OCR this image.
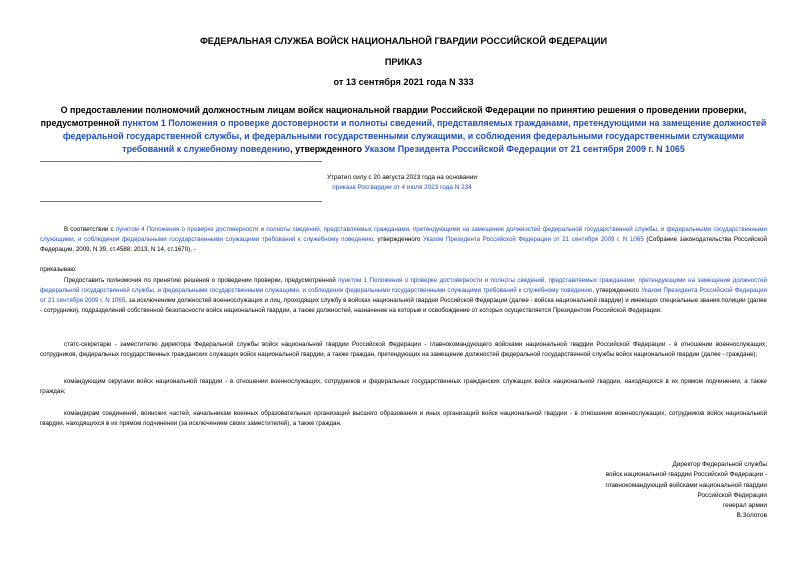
ФЕДЕРАЛЬНАЯ СЛУЖБА ВОЙСК НАЦИОНАЛЬНОЙ ГВАРДИИ РОССИЙСКОЙ ФЕДЕРАЦИИ
ПРИКАЗ
от 13 сентября 2021 года N 333
О предоставлении полномочий должностным лицам войск национальной гвардии Российской Федерации по принятию решения о проведении проверки, предусмотренной пунктом 1 Положения о проверке достоверности и полноты сведений, представляемых гражданами, претендующими на замещение должностей федеральной государственной службы, и федеральными государственными служащими, и соблюдения федеральными государственными служащими требований к служебному поведению, утвержденного Указом Президента Российской Федерации от 21 сентября 2009 г. N 1065
Утратил силу с 20 августа 2023 года на основании
приказа Росгвардии от 4 июля 2023 года N 234
В соответствии с пунктом 4 Положения о проверке достоверности и полноты сведений, представляемых гражданами, претендующими на замещение должностей федеральной государственной службы, и федеральными государственными служащими, и соблюдения федеральными государственными служащими требований к служебному поведению, утвержденного Указом Президента Российской Федерации от 21 сентября 2009 г. N 1065 (Собрание законодательства Российской Федерации, 2009, N 39, ст.4588; 2013, N 14, ст.1670), -
приказываю:
Предоставить полномочия по принятию решения о проведении проверки, предусмотренной пунктом 1 Положения о проверке достоверности и полноты сведений, представляемых гражданами, претендующими на замещение должностей федеральной государственной службы, и федеральными государственными служащими, и соблюдения федеральными государственными служащими требований к служебному поведению, утвержденного Указом Президента Российской Федерации от 21 сентября 2009 г. N 1065, за исключением должностей военнослужащих и лиц, проходящих службу в войсках национальной гвардии Российской Федерации (далее - войска национальной гвардии) и имеющих специальные звания полиции (далее - сотрудники), подразделений собственной безопасности войск национальной гвардии, а также должностей, назначение на которые и освобождение от которых осуществляется Президентом Российской Федерации:
статс-секретарю - заместителю директора Федеральной службы войск национальной гвардии Российской Федерации - главнокомандующего войсками национальной гвардии Российской Федерации - в отношении военнослужащих, сотрудников, федеральных государственных гражданских служащих войск национальной гвардии, а также граждан, претендующих на замещение должностей федеральной государственной службы войск национальной гвардии (далее - граждане);
командующим округами войск национальной гвардии - в отношении военнослужащих, сотрудников и федеральных государственных гражданских служащих войск национальной гвардии, находящихся в их прямом подчинении, а также граждан;
командирам соединений, воинских частей, начальникам военных образовательных организаций высшего образования и иных организаций войск национальной гвардии - в отношении военнослужащих, сотрудников войск национальной гвардии, находящихся в их прямом подчинении (за исключением своих заместителей), а также граждан.
Директор Федеральной службы
войск национальной гвардии Российской Федерации -
главнокомандующий войсками национальной гвардии
Российской Федерации
генерал армии
В.Золотов
